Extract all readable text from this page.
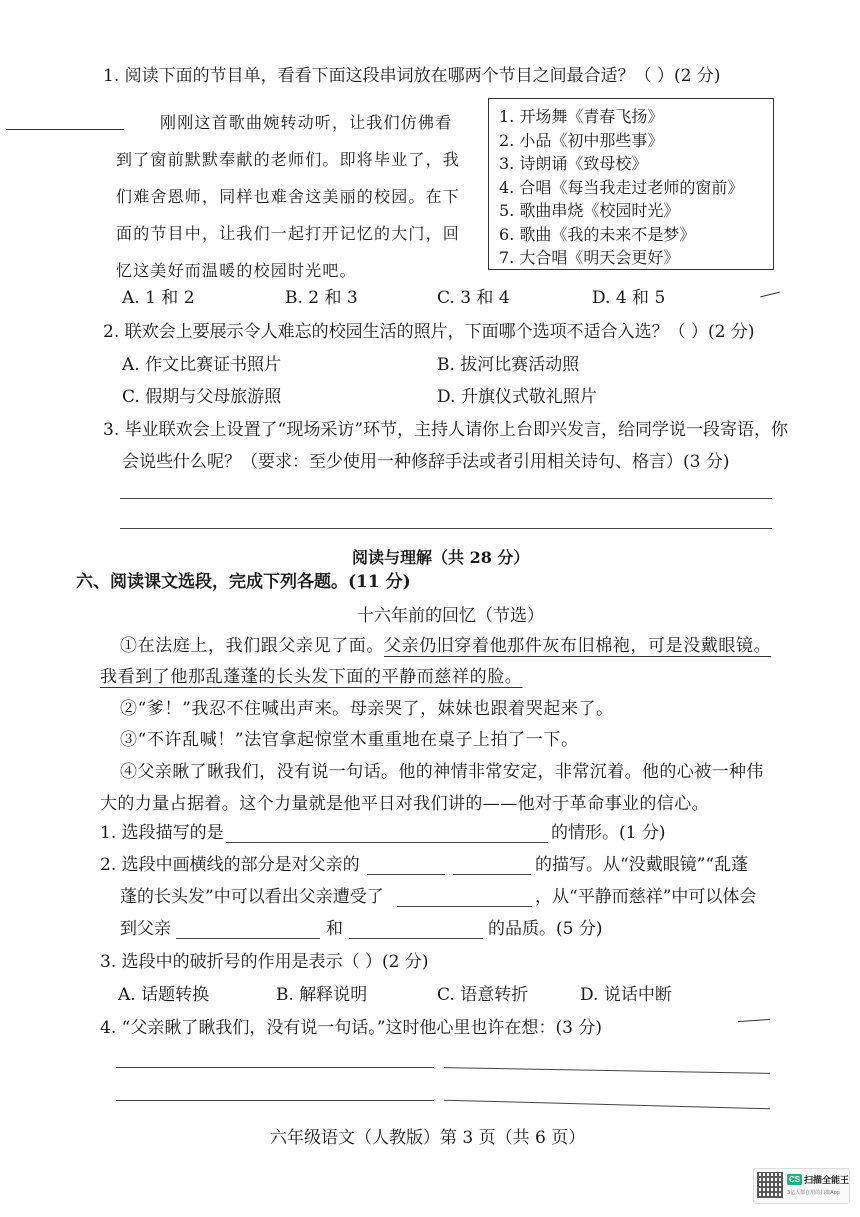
1. 阅读下面的节目单，看看下面这段串词放在哪两个节目之间最合适？（ ）(2 分)
刚刚这首歌曲婉转动听，让我们仿佛看到了窗前默默奉献的老师们。即将毕业了，我们难舍恩师，同样也难舍这美丽的校园。在下面的节目中，让我们一起打开记忆的大门，回忆这美好而温暖的校园时光吧。
1. 开场舞《青春飞扬》
2. 小品《初中那些事》
3. 诗朗诵《致母校》
4. 合唱《每当我走过老师的窗前》
5. 歌曲串烧《校园时光》
6. 歌曲《我的未来不是梦》
7. 大合唱《明天会更好》
A. 1 和 2	B. 2 和 3	C. 3 和 4	D. 4 和 5
2. 联欢会上要展示令人难忘的校园生活的照片，下面哪个选项不适合入选？（ ）(2 分)
A. 作文比赛证书照片	B. 拔河比赛活动照
C. 假期与父母旅游照	D. 升旗仪式敬礼照片
3. 毕业联欢会上设置了“现场采访”环节，主持人请你上台即兴发言，给同学说一段寄语，你
会说些什么呢？（要求：至少使用一种修辞手法或者引用相关诗句、格言）(3 分)
阅读与理解（共 28 分）
六、阅读课文选段，完成下列各题。(11 分)
十六年前的回忆（节选）
①在法庭上，我们跟父亲见了面。父亲仍旧穿着他那件灰布旧棉袍，可是没戴眼镜。
我看到了他那乱蓬蓬的长头发下面的平静而慈祥的脸。
②“爹！”我忍不住喊出声来。母亲哭了，妹妹也跟着哭起来了。
③“不许乱喊！”法官拿起惊堂木重重地在桌子上拍了一下。
④父亲瞅了瞅我们，没有说一句话。他的神情非常安定，非常沉着。他的心被一种伟
大的力量占据着。这个力量就是他平日对我们讲的——他对于革命事业的信心。
1. 选段描写的是	的情形。(1 分)
2. 选段中画横线的部分是对父亲的	的描写。从“没戴眼镜”“乱蓬
蓬的长头发”中可以看出父亲遭受了	，从“平静而慈祥”中可以体会
到父亲	和	的品质。(5 分)
3. 选段中的破折号的作用是表示（ ）(2 分)
A. 话题转换	B. 解释说明	C. 语意转折	D. 说话中断
4. “父亲瞅了瞅我们，没有说一句话。”这时他心里也许在想：(3 分)
六年级语文（人教版）第 3 页（共 6 页）
CS 扫描全能王
3亿人都在用的扫描App
